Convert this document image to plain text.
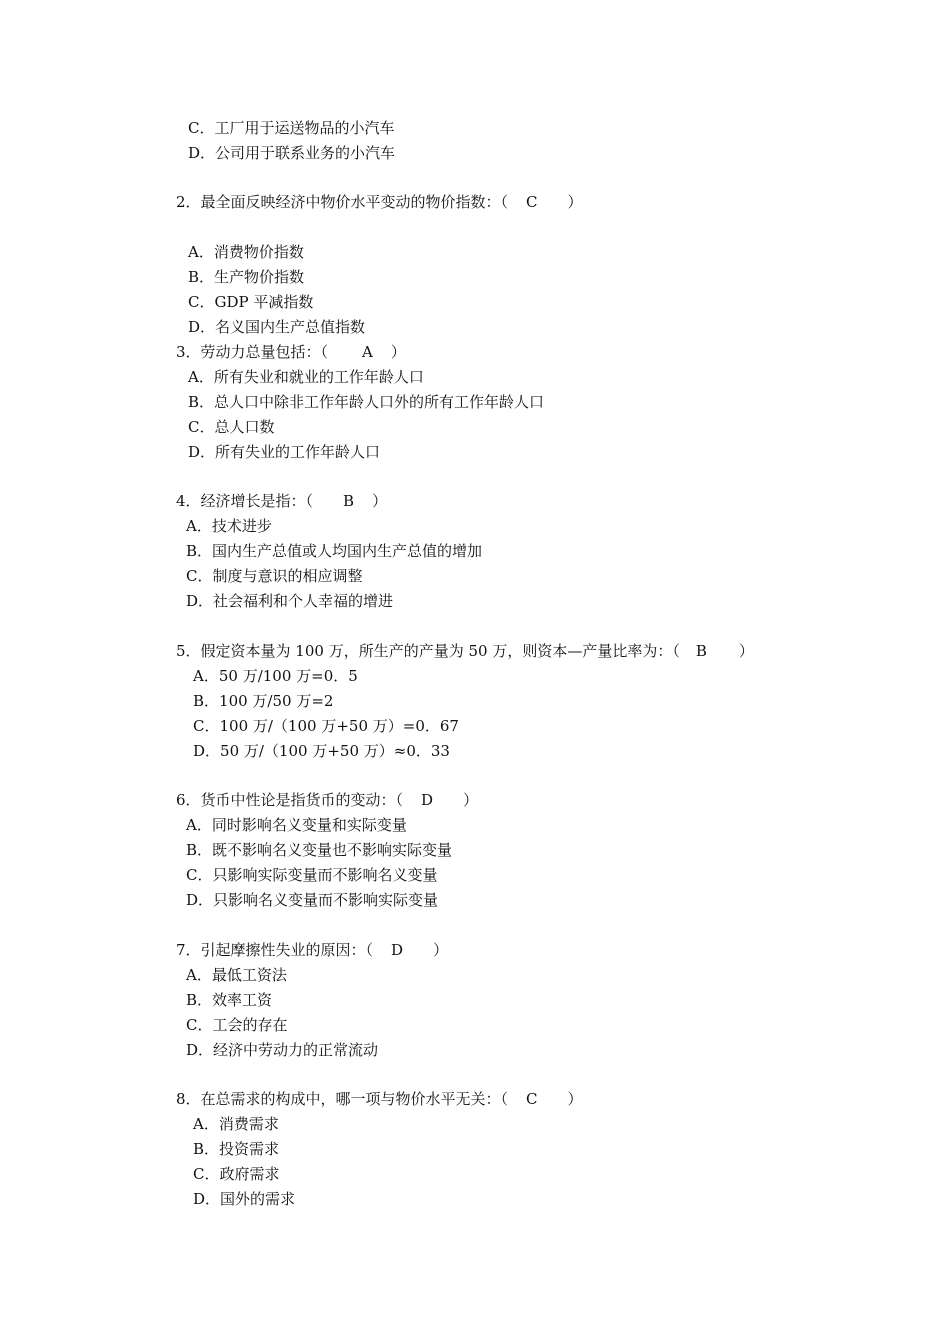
C．工厂用于运送物品的小汽车
D．公司用于联系业务的小汽车
2．最全面反映经济中物价水平变动的物价指数：（ C ）
A．消费物价指数
B．生产物价指数
C．GDP 平减指数
D．名义国内生产总值指数
3．劳动力总量包括：（ A ）
A．所有失业和就业的工作年龄人口
B．总人口中除非工作年龄人口外的所有工作年龄人口
C．总人口数
D．所有失业的工作年龄人口
4．经济增长是指：（ B ）
A．技术进步
B．国内生产总值或人均国内生产总值的增加
C．制度与意识的相应调整
D．社会福利和个人幸福的增进
5．假定资本量为 100 万，所生产的产量为 50 万，则资本—产量比率为：（ B ）
A．50 万/100 万=0．5
B．100 万/50 万=2
C．100 万/（100 万+50 万）=0．67
D．50 万/（100 万+50 万）≈0．33
6．货币中性论是指货币的变动：（ D ）
A．同时影响名义变量和实际变量
B．既不影响名义变量也不影响实际变量
C．只影响实际变量而不影响名义变量
D．只影响名义变量而不影响实际变量
7．引起摩擦性失业的原因：（ D ）
A．最低工资法
B．效率工资
C．工会的存在
D．经济中劳动力的正常流动
8．在总需求的构成中，哪一项与物价水平无关：（ C ）
A．消费需求
B．投资需求
C．政府需求
D．国外的需求
